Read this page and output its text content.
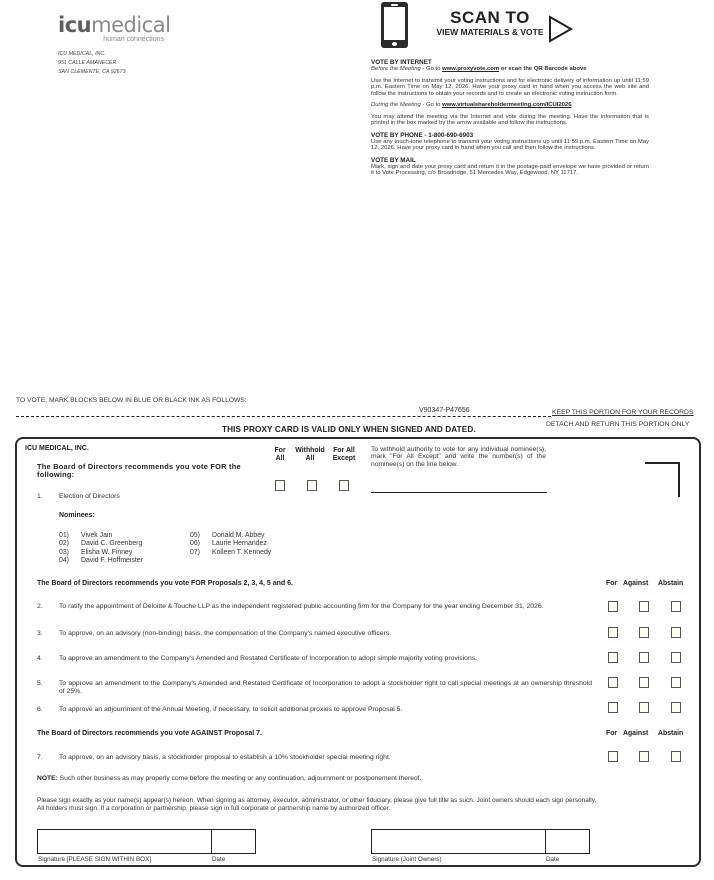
icumedical
human connections
ICU MEDICAL, INC.
951 CALLE AMANECER
SAN CLEMENTE, CA 92673
SCAN TO
VIEW MATERIALS & VOTE
VOTE BY INTERNET

Before the Meeting - Go to www.proxyvote.com or scan the QR Barcode above

Use the Internet to transmit your voting instructions and for electronic delivery of information up until 11:59 p.m. Eastern Time on May 12, 2026. Have your proxy card in hand when you access the web site and follow the instructions to obtain your records and to create an electronic voting instruction form.

During the Meeting - Go to www.virtualshareholdermeeting.com/ICUI2026

You may attend the meeting via the Internet and vote during the meeting. Have the information that is printed in the box marked by the arrow available and follow the instructions.

VOTE BY PHONE - 1-800-690-6903

Use any touch-tone telephone to transmit your voting instructions up until 11:59 p.m. Eastern Time on May 12, 2026. Have your proxy card in hand when you call and then follow the instructions.

VOTE BY MAIL

Mark, sign and date your proxy card and return it in the postage-paid envelope we have provided or return it to Vote Processing, c/o Broadridge, 51 Mercedes Way, Edgewood, NY 11717.

TO VOTE, MARK BLOCKS BELOW IN BLUE OR BLACK INK AS FOLLOWS:
V90347-P47656	KEEP THIS PORTION FOR YOUR RECORDS
DETACH AND RETURN THIS PORTION ONLY
THIS PROXY CARD IS VALID ONLY WHEN SIGNED AND DATED.
ICU MEDICAL, INC.
The Board of Directors recommends you vote FOR the following:
For
All
Withhold
All
For All
Except
To withhold authority to vote for any individual nominee(s), mark "For All Except" and write the number(s) of the nominee(s) on the line below.
1. Election of Directors
Nominees:
01) Vivek Jain
02) David C. Greenberg
03) Elisha W. Finney
04) David F. Hoffmeister
05) Donald M. Abbey
06) Laurie Hernandez
07) Kolleen T. Kennedy
The Board of Directors recommends you vote FOR Proposals 2, 3, 4, 5 and 6.	For Against Abstain
2. To ratify the appointment of Deloitte & Touche LLP as the independent registered public accounting firm for the Company for the year ending December 31, 2026.
3. To approve, on an advisory (non-binding) basis, the compensation of the Company's named executive officers.
4. To approve an amendment to the Company's Amended and Restated Certificate of Incorporation to adopt simple majority voting provisions.
5. To approve an amendment to the Company's Amended and Restated Certificate of Incorporation to adopt a stockholder right to call special meetings at an ownership threshold of 25%.
6. To approve an adjournment of the Annual Meeting, if necessary, to solicit additional proxies to approve Proposal 5.
The Board of Directors recommends you vote AGAINST Proposal 7.	For Against Abstain
7. To approve, on an advisory basis, a stockholder proposal to establish a 10% stockholder special meeting right.
NOTE: Such other business as may properly come before the meeting or any continuation, adjournment or postponement thereof.
Please sign exactly as your name(s) appear(s) hereon. When signing as attorney, executor, administrator, or other fiduciary, please give full title as such. Joint owners should each sign personally. All holders must sign. If a corporation or partnership, please sign in full corporate or partnership name by authorized officer.
Signature [PLEASE SIGN WITHIN BOX]	Date	Signature (Joint Owners)	Date
